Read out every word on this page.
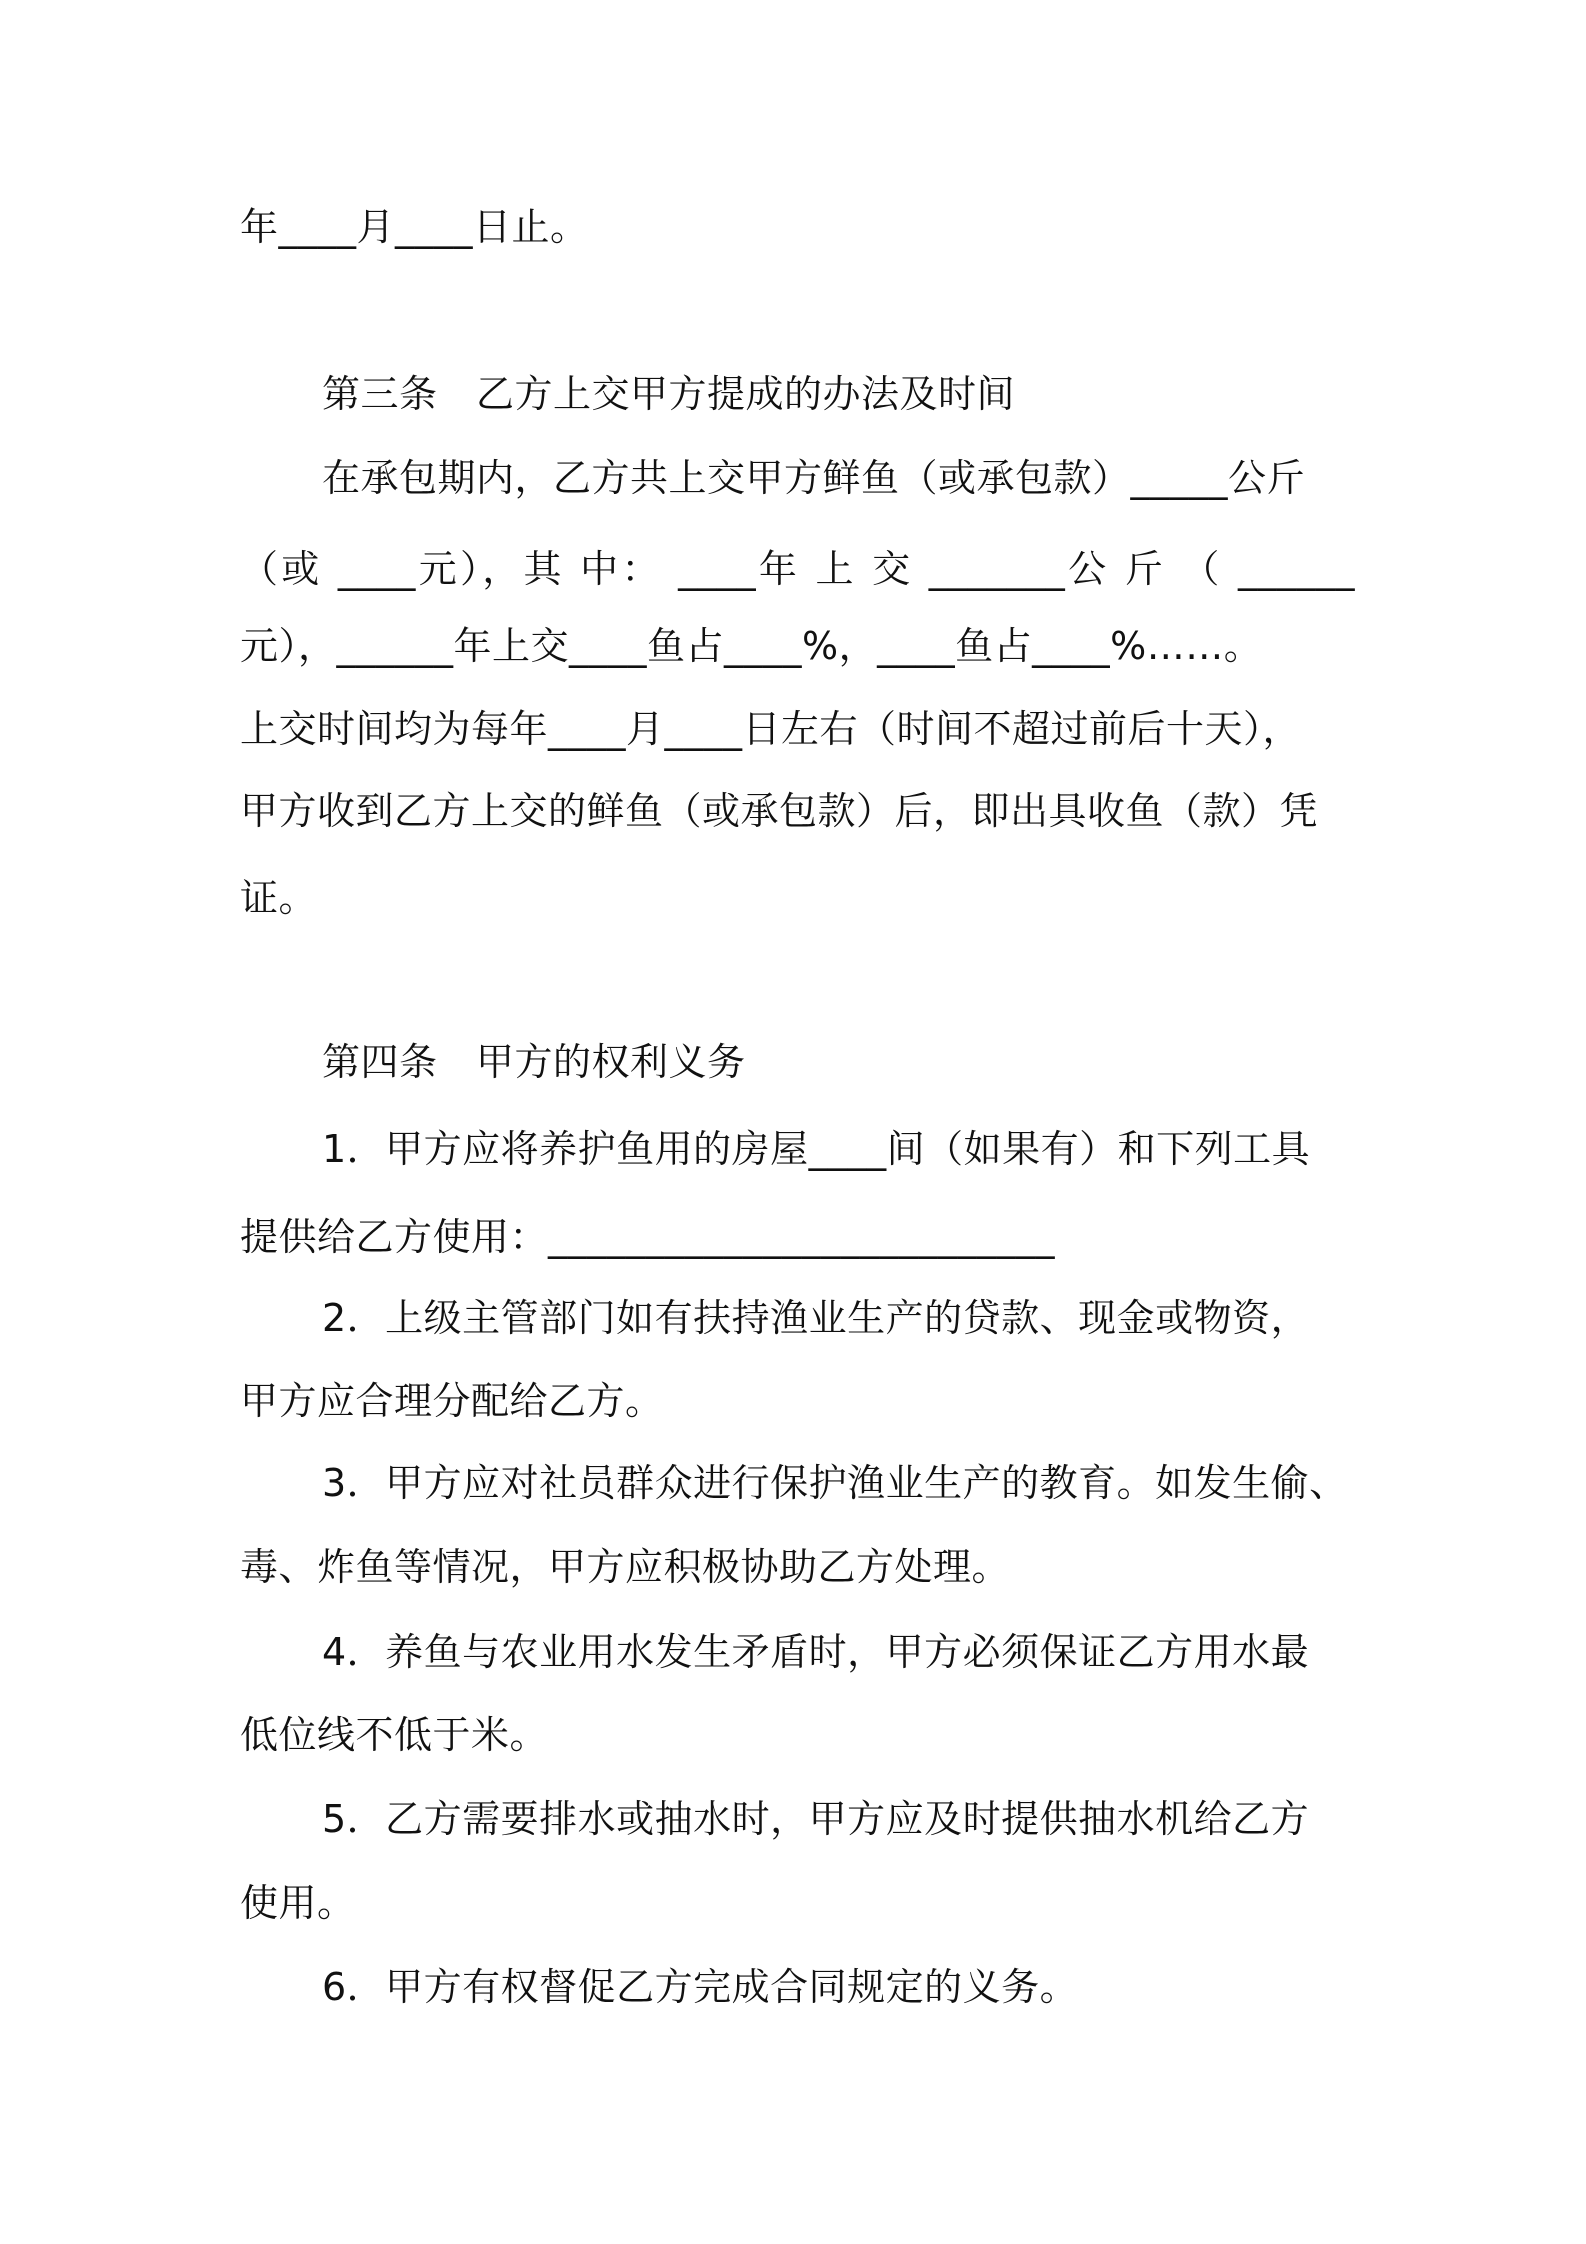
年____月____日止。
第三条　乙方上交甲方提成的办法及时间
在承包期内，乙方共上交甲方鲜鱼（或承包款）_____公斤
（或 ____元），其 中： ____年 上 交 _______公 斤 （ ______
元），______年上交____鱼占____%，____鱼占____%……。
上交时间均为每年____月____日左右（时间不超过前后十天），
甲方收到乙方上交的鲜鱼（或承包款）后，即出具收鱼（款）凭
证。
第四条　甲方的权利义务
1．甲方应将养护鱼用的房屋____间（如果有）和下列工具
提供给乙方使用：__________________________
2．上级主管部门如有扶持渔业生产的贷款、现金或物资，
甲方应合理分配给乙方。
3．甲方应对社员群众进行保护渔业生产的教育。如发生偷、
毒、炸鱼等情况，甲方应积极协助乙方处理。
4．养鱼与农业用水发生矛盾时，甲方必须保证乙方用水最
低位线不低于米。
5．乙方需要排水或抽水时，甲方应及时提供抽水机给乙方
使用。
6．甲方有权督促乙方完成合同规定的义务。
